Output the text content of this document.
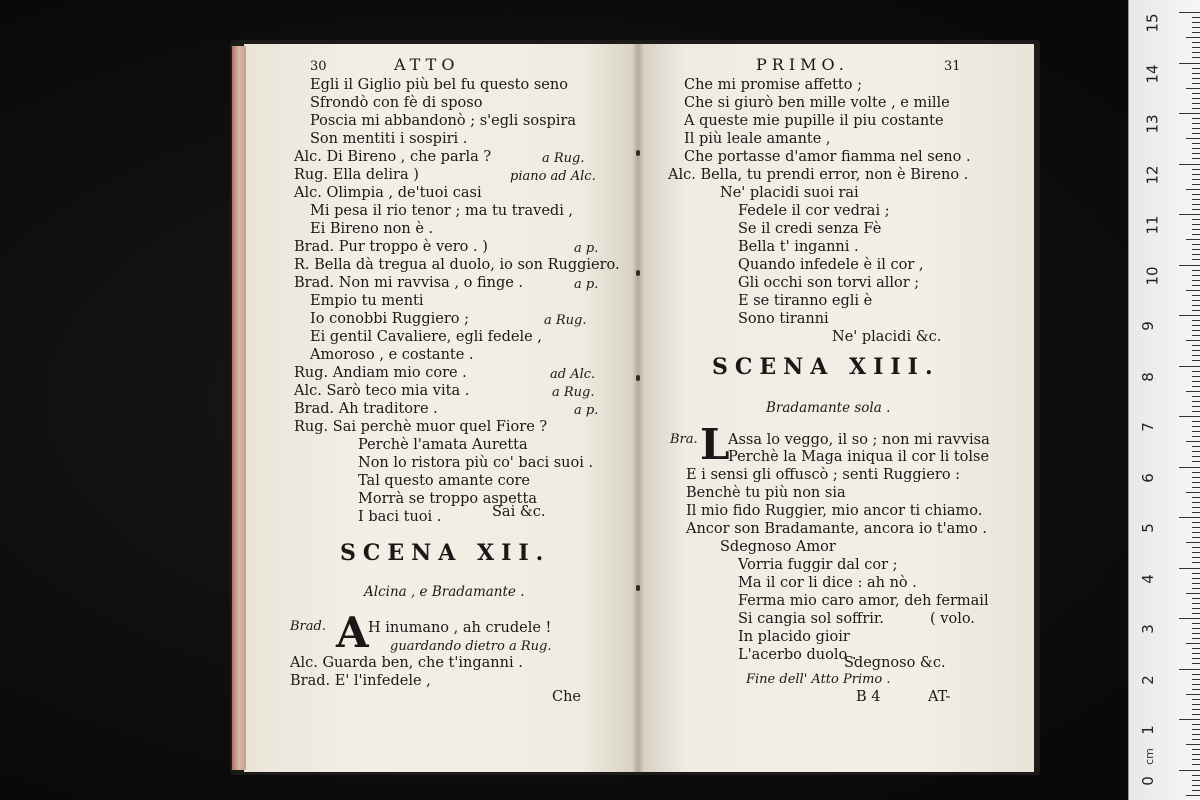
30	ATTO
Egli il Giglio più bel fu questo seno
Sfrondò con fè di sposo
Poscia mi abbandonò ; s'egli sospira
Son mentiti i sospiri .
Alc. Di Bireno , che parla ?	a Rug.
Rug. Ella delira )	piano ad Alc.
Alc. Olimpia , de'tuoi casi
Mi pesa il rio tenor ; ma tu travedi ,
Ei Bireno non è .
Brad. Pur troppo è vero . )	a p.
R. Bella dà tregua al duolo, io son Ruggiero.
Brad. Non mi ravvisa , o finge .	a p.
Empio tu menti
Io conobbi Ruggiero ;	a Rug.
Ei gentil Cavaliere, egli fedele ,
Amoroso , e costante .
Rug. Andiam mio core .	ad Alc.
Alc. Sarò teco mia vita .	a Rug.
Brad. Ah traditore .	a p.
Rug. Sai perchè muor quel Fiore ?
Perchè l'amata Auretta
Non lo ristora più co' baci suoi .
Tal questo amante core
Morrà se troppo aspetta
I baci tuoi .	Sai &c.
SCENA XII.
Alcina , e Bradamante .
Brad. A H inumano , ah crudele !
guardando dietro a Rug.
Alc. Guarda ben, che t'inganni .
Brad. E' l'infedele ,
Che
PRIMO.	31
Che mi promise affetto ;
Che si giurò ben mille volte , e mille
A queste mie pupille il piu costante
Il più leale amante ,
Che portasse d'amor fiamma nel seno .
Alc. Bella, tu prendi error, non è Bireno .
Ne' placidi suoi rai
Fedele il cor vedrai ;
Se il credi senza Fè
Bella t' inganni .
Quando infedele è il cor ,
Gli occhi son torvi allor ;
E se tiranno egli è
Sono tiranni
Ne' placidi &c.
SCENA XIII.
Bradamante sola .
Bra. L
Assa lo veggo, il so ; non mi ravvisa
Perchè la Maga iniqua il cor li tolse
E i sensi gli offuscò ; senti Ruggiero :
Benchè tu più non sia
Il mio fido Ruggier, mio ancor ti chiamo.
Ancor son Bradamante, ancora io t'amo .
Sdegnoso Amor
Vorria fuggir dal cor ;
Ma il cor li dice : ah nò .
Ferma mio caro amor, deh fermail
Si cangia sol soffrir.	( volo.
In placido gioir
L'acerbo duolo .
Sdegnoso &c.
Fine dell' Atto Primo .
B 4	AT-
cm
15
14
13
12
11
10
9
8
7
6
5
4
3
2
1
0
